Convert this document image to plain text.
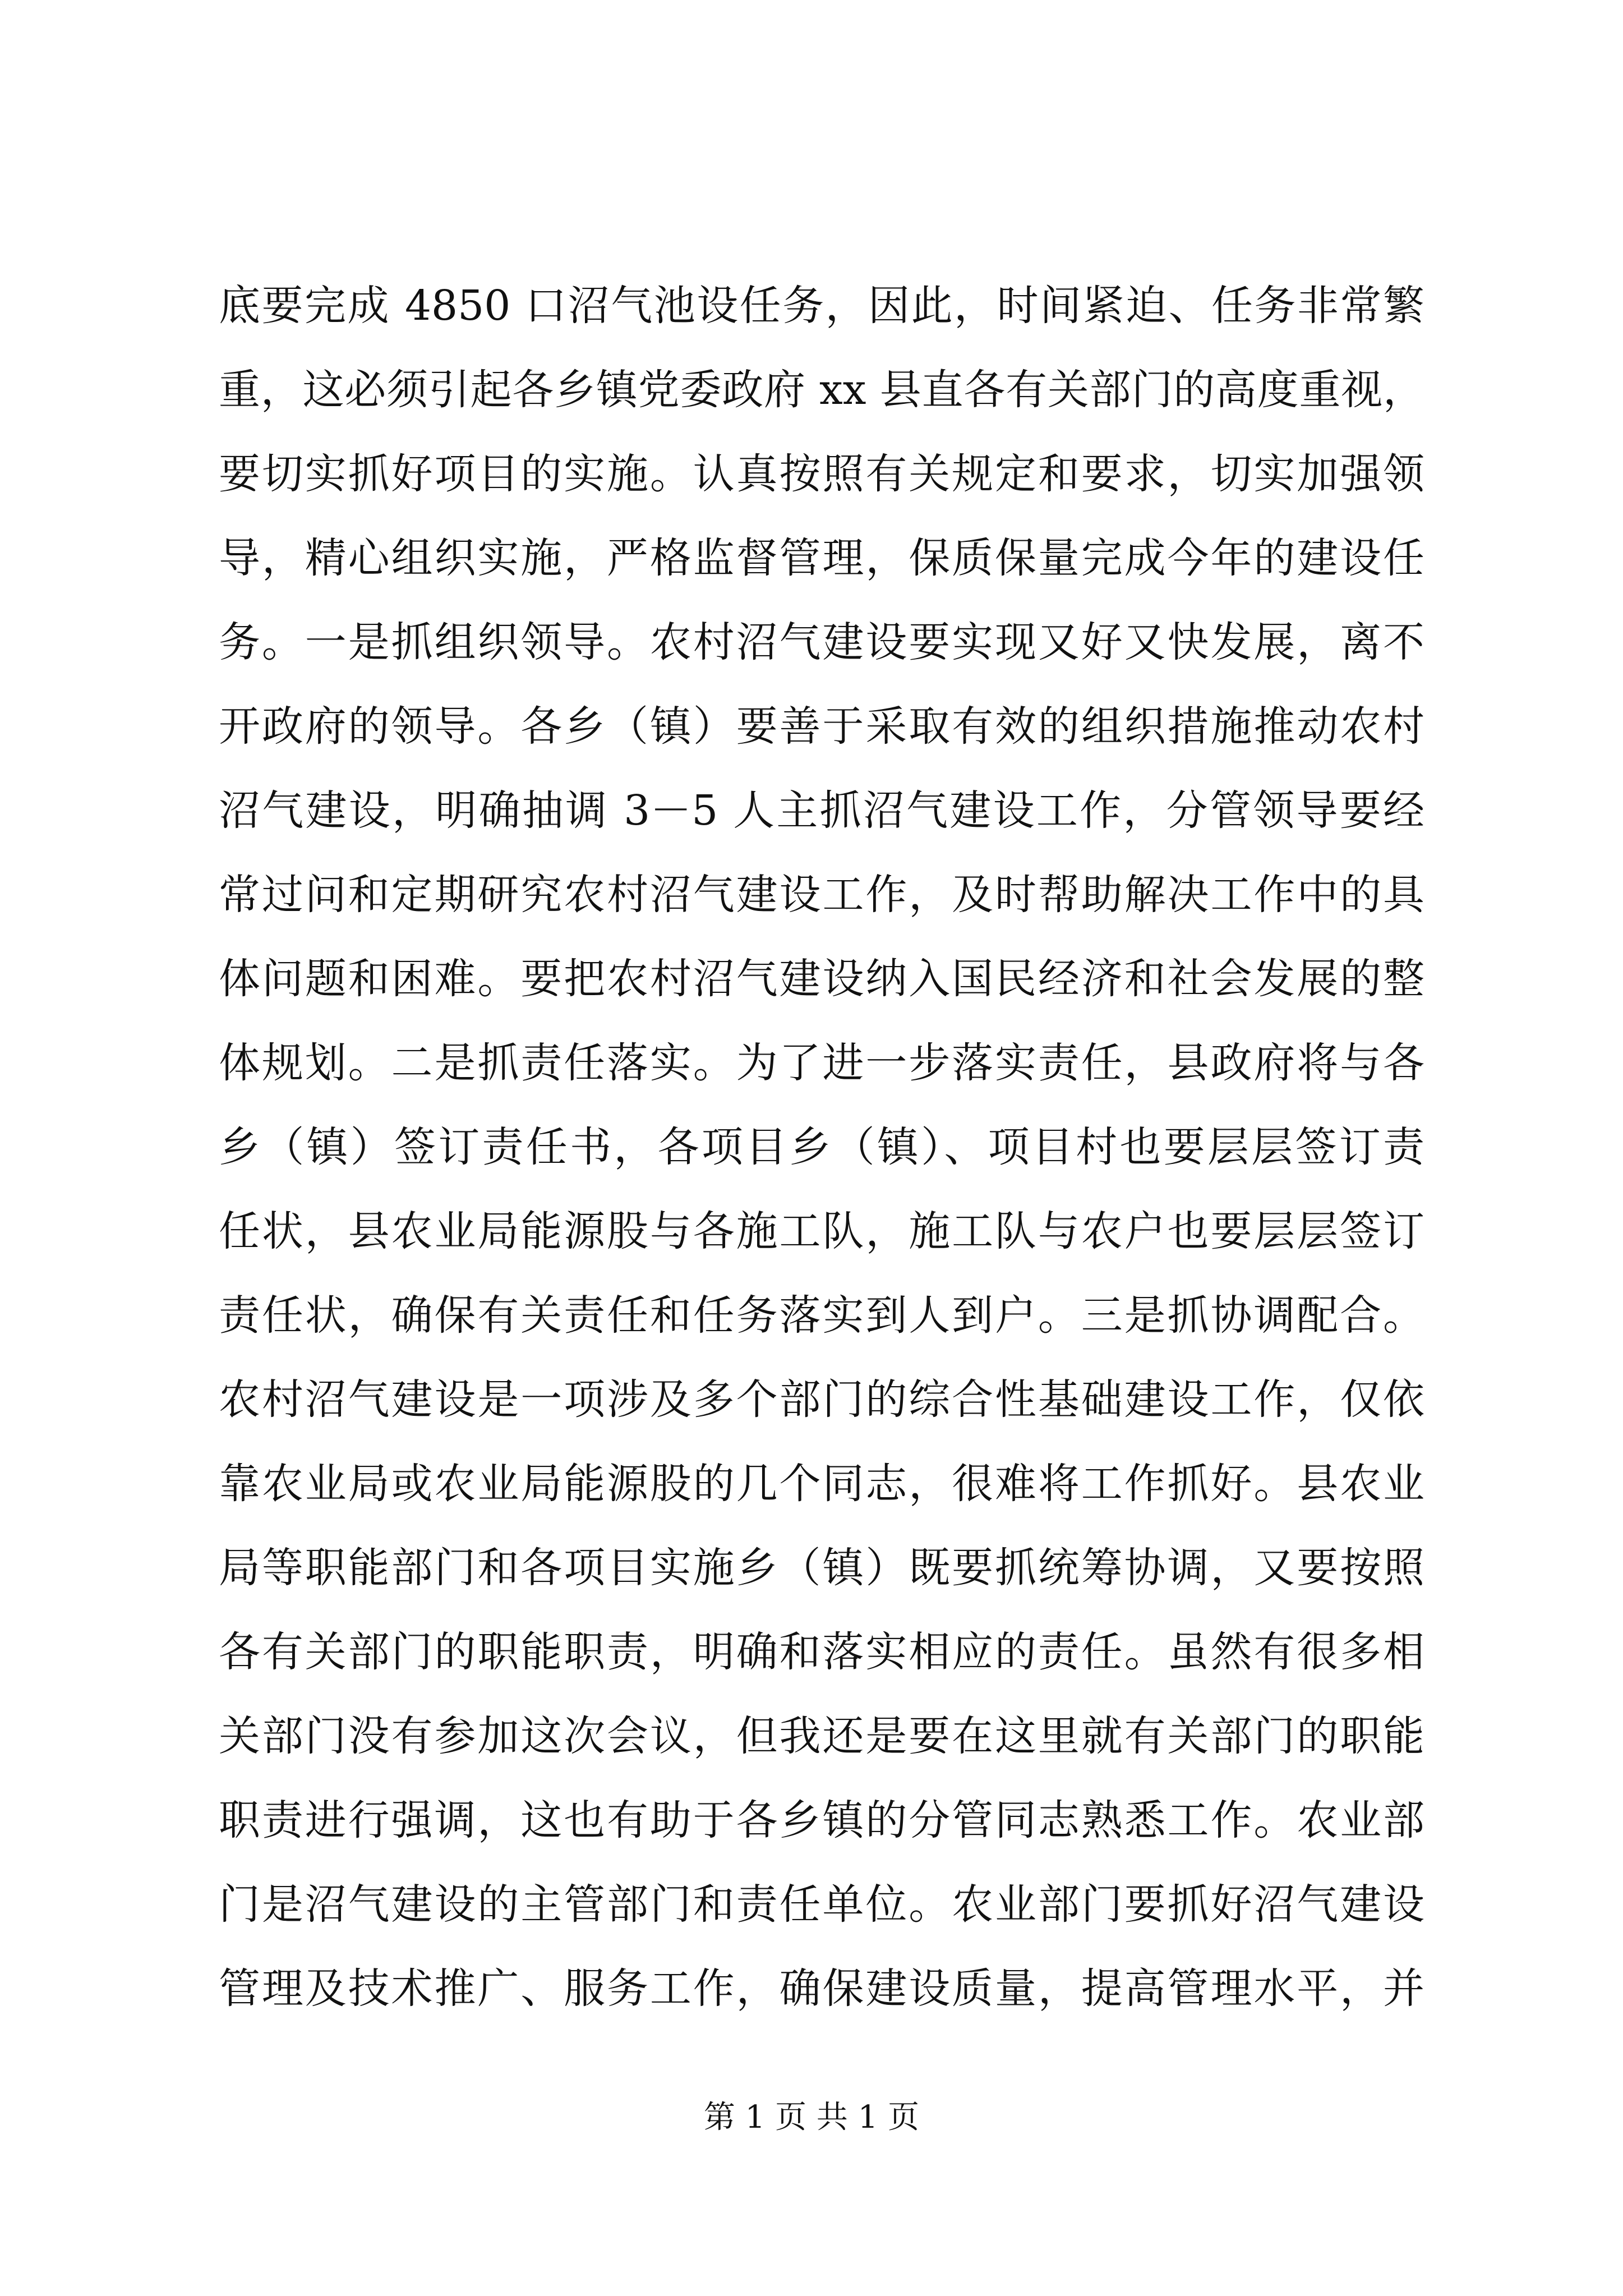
底要完成 4850 口沼气池设任务，因此，时间紧迫、任务非常繁
重，这必须引起各乡镇党委政府 xx 县直各有关部门的高度重视，
要切实抓好项目的实施。认真按照有关规定和要求，切实加强领
导，精心组织实施，严格监督管理，保质保量完成今年的建设任
务。一是抓组织领导。农村沼气建设要实现又好又快发展，离不
开政府的领导。各乡（镇）要善于采取有效的组织措施推动农村
沼气建设，明确抽调 3－5 人主抓沼气建设工作，分管领导要经
常过问和定期研究农村沼气建设工作，及时帮助解决工作中的具
体问题和困难。要把农村沼气建设纳入国民经济和社会发展的整
体规划。二是抓责任落实。为了进一步落实责任，县政府将与各
乡（镇）签订责任书，各项目乡（镇）、项目村也要层层签订责
任状，县农业局能源股与各施工队，施工队与农户也要层层签订
责任状，确保有关责任和任务落实到人到户。三是抓协调配合。
农村沼气建设是一项涉及多个部门的综合性基础建设工作，仅依
靠农业局或农业局能源股的几个同志，很难将工作抓好。县农业
局等职能部门和各项目实施乡（镇）既要抓统筹协调，又要按照
各有关部门的职能职责，明确和落实相应的责任。虽然有很多相
关部门没有参加这次会议，但我还是要在这里就有关部门的职能
职责进行强调，这也有助于各乡镇的分管同志熟悉工作。农业部
门是沼气建设的主管部门和责任单位。农业部门要抓好沼气建设
管理及技术推广、服务工作，确保建设质量，提高管理水平，并
第 1 页 共 1 页
